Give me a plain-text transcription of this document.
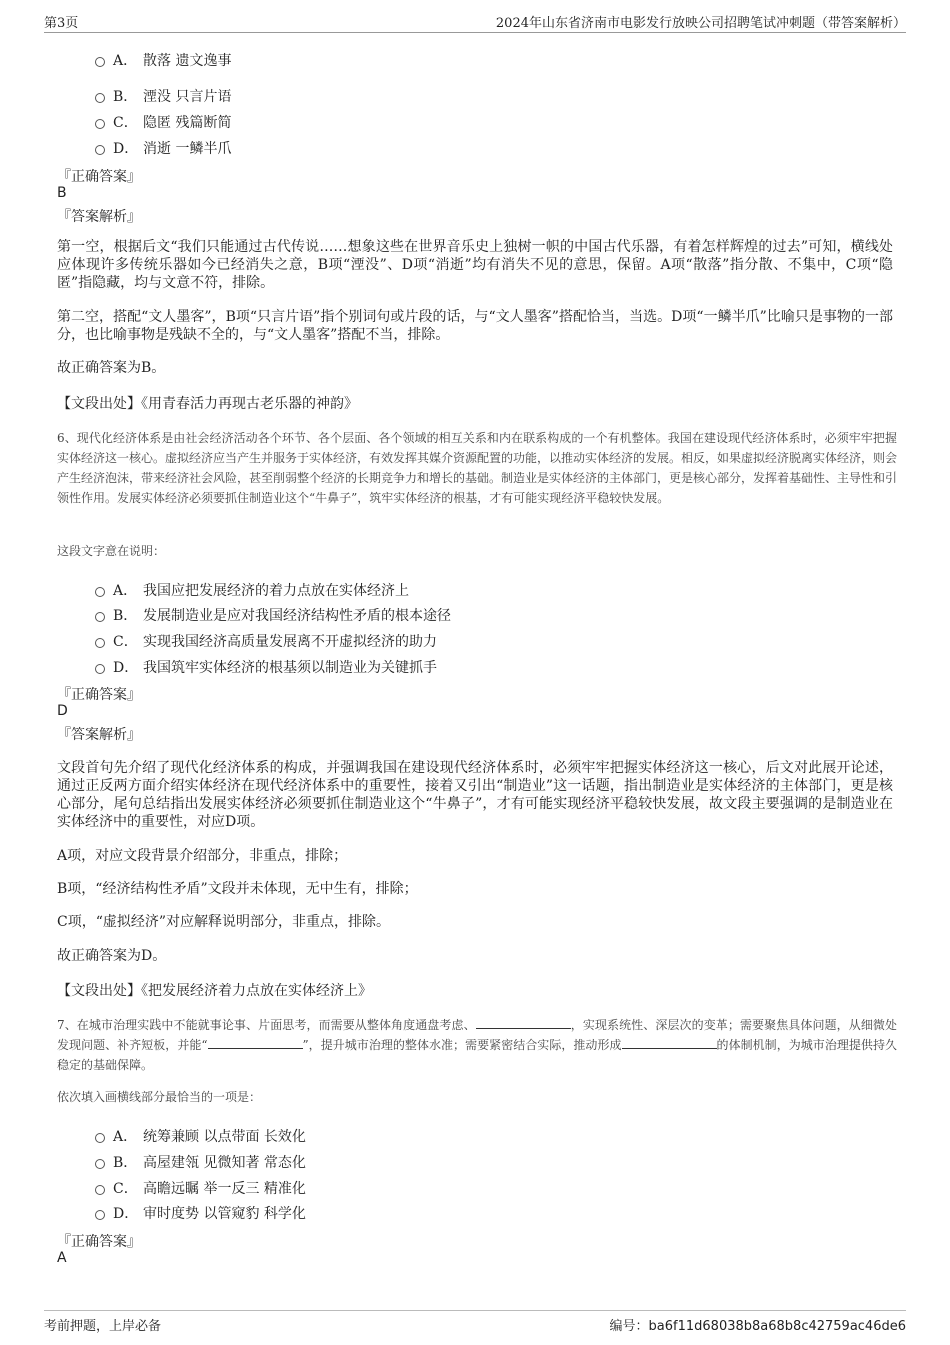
第3页	2024年山东省济南市电影发行放映公司招聘笔试冲刺题（带答案解析）
A． 散落 遗文逸事
B． 湮没 只言片语
C． 隐匿 残篇断简
D． 消逝 一鳞半爪
『正确答案』
B
『答案解析』
第一空，根据后文“我们只能通过古代传说……想象这些在世界音乐史上独树一帜的中国古代乐器，有着怎样辉煌的过去”可知，横线处应体现许多传统乐器如今已经消失之意，B项“湮没”、D项“消逝”均有消失不见的意思，保留。A项“散落”指分散、不集中，C项“隐匿”指隐藏，均与文意不符，排除。
第二空，搭配“文人墨客”，B项“只言片语”指个别词句或片段的话，与“文人墨客”搭配恰当，当选。D项“一鳞半爪”比喻只是事物的一部分，也比喻事物是残缺不全的，与“文人墨客”搭配不当，排除。
故正确答案为B。
【文段出处】《用青春活力再现古老乐器的神韵》
6、现代化经济体系是由社会经济活动各个环节、各个层面、各个领域的相互关系和内在联系构成的一个有机整体。我国在建设现代经济体系时，必须牢牢把握实体经济这一核心。虚拟经济应当产生并服务于实体经济，有效发挥其媒介资源配置的功能，以推动实体经济的发展。相反，如果虚拟经济脱离实体经济，则会产生经济泡沫，带来经济社会风险，甚至削弱整个经济的长期竞争力和增长的基础。制造业是实体经济的主体部门，更是核心部分，发挥着基础性、主导性和引领性作用。发展实体经济必须要抓住制造业这个“牛鼻子”，筑牢实体经济的根基，才有可能实现经济平稳较快发展。
这段文字意在说明：
A． 我国应把发展经济的着力点放在实体经济上
B． 发展制造业是应对我国经济结构性矛盾的根本途径
C． 实现我国经济高质量发展离不开虚拟经济的助力
D． 我国筑牢实体经济的根基须以制造业为关键抓手
『正确答案』
D
『答案解析』
文段首句先介绍了现代化经济体系的构成，并强调我国在建设现代经济体系时，必须牢牢把握实体经济这一核心，后文对此展开论述，通过正反两方面介绍实体经济在现代经济体系中的重要性，接着又引出“制造业”这一话题，指出制造业是实体经济的主体部门，更是核心部分，尾句总结指出发展实体经济必须要抓住制造业这个“牛鼻子”，才有可能实现经济平稳较快发展，故文段主要强调的是制造业在实体经济中的重要性，对应D项。
A项，对应文段背景介绍部分，非重点，排除；
B项，“经济结构性矛盾”文段并未体现，无中生有，排除；
C项，“虚拟经济”对应解释说明部分，非重点，排除。
故正确答案为D。
【文段出处】《把发展经济着力点放在实体经济上》
7、在城市治理实践中不能就事论事、片面思考，而需要从整体角度通盘考虑、	，实现系统性、深层次的变革；需要聚焦具体问题，从细微处发现问题、补齐短板，并能“	”，提升城市治理的整体水准；需要紧密结合实际，推动形成	的体制机制，为城市治理提供持久稳定的基础保障。
依次填入画横线部分最恰当的一项是：
A． 统筹兼顾 以点带面 长效化
B． 高屋建瓴 见微知著 常态化
C． 高瞻远瞩 举一反三 精准化
D． 审时度势 以管窥豹 科学化
『正确答案』
A
考前押题，上岸必备	编号：ba6f11d68038b8a68b8c42759ac46de6
